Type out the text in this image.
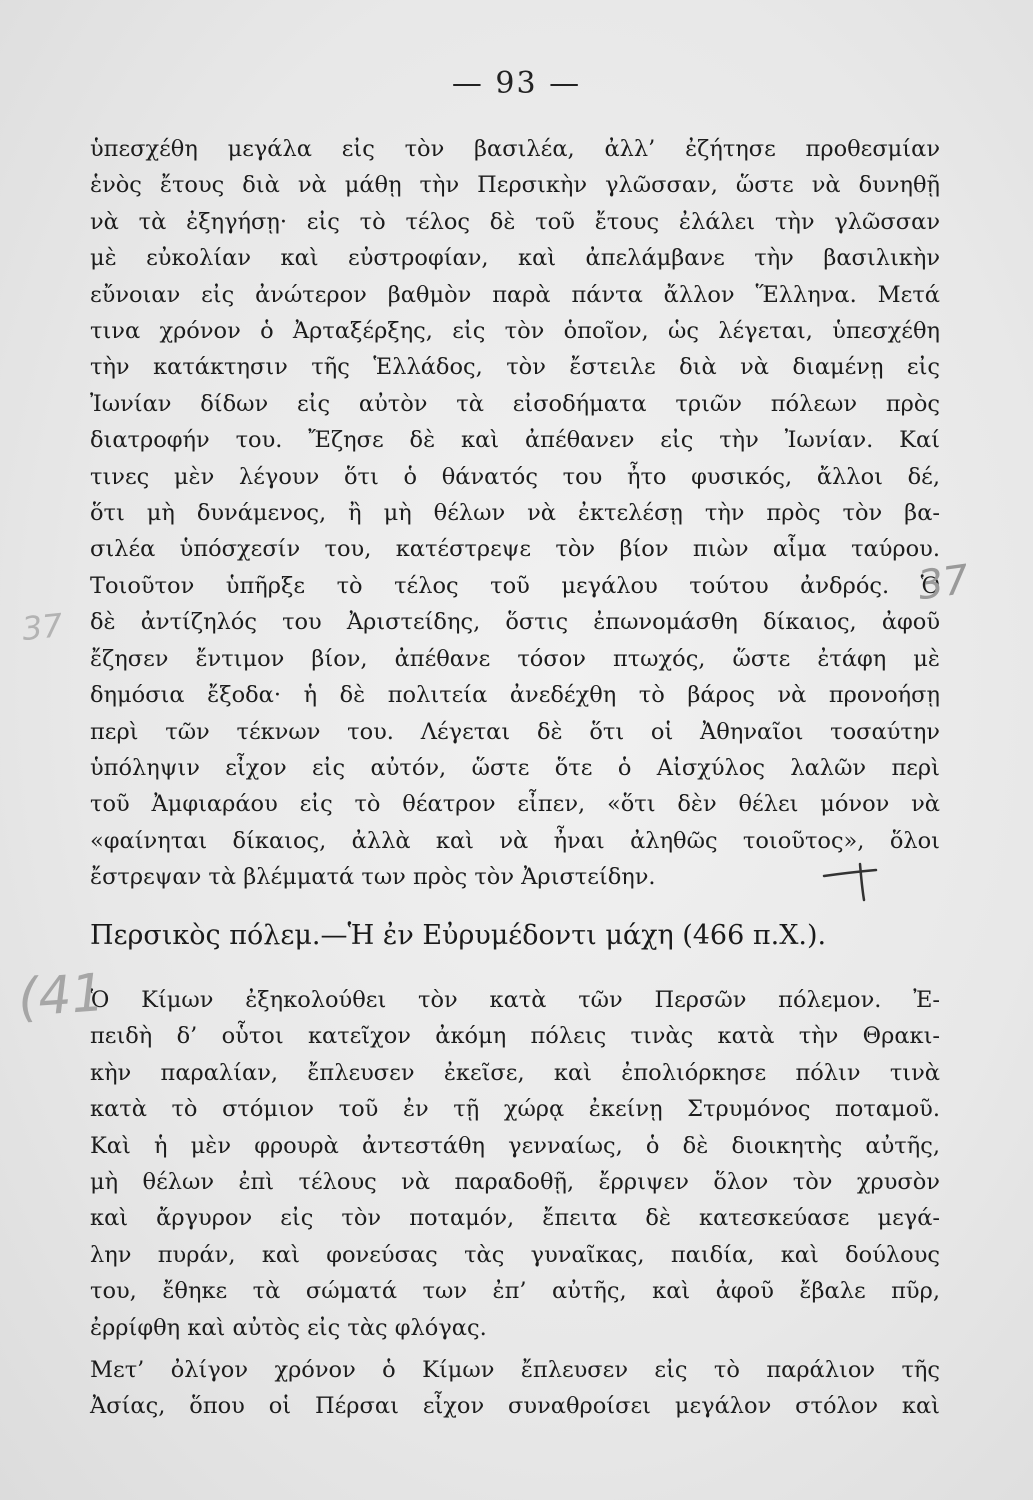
— 93 —
ὑπεσχέθη μεγάλα εἰς τὸν βασιλέα, ἀλλ’ ἐζήτησε προθεσμίαν
ἑνὸς ἔτους διὰ νὰ μάθῃ τὴν Περσικὴν γλῶσσαν, ὥστε νὰ δυνηθῇ
νὰ τὰ ἐξηγήσῃ· εἰς τὸ τέλος δὲ τοῦ ἔτους ἐλάλει τὴν γλῶσσαν
μὲ εὐκολίαν καὶ εὐστροφίαν, καὶ ἀπελάμβανε τὴν βασιλικὴν
εὔνοιαν εἰς ἀνώτερον βαθμὸν παρὰ πάντα ἄλλον Ἕλληνα. Μετά
τινα χρόνον ὁ Ἀρταξέρξης, εἰς τὸν ὁποῖον, ὡς λέγεται, ὑπεσχέθη
τὴν κατάκτησιν τῆς Ἑλλάδος, τὸν ἔστειλε διὰ νὰ διαμένῃ εἰς
Ἰωνίαν δίδων εἰς αὐτὸν τὰ εἰσοδήματα τριῶν πόλεων πρὸς
διατροφήν του. Ἔζησε δὲ καὶ ἀπέθανεν εἰς τὴν Ἰωνίαν. Καί
τινες μὲν λέγουν ὅτι ὁ θάνατός του ἦτο φυσικός, ἄλλοι δέ,
ὅτι μὴ δυνάμενος, ἢ μὴ θέλων νὰ ἐκτελέσῃ τὴν πρὸς τὸν βα-
σιλέα ὑπόσχεσίν του, κατέστρεψε τὸν βίον πιὼν αἷμα ταύρου.
Τοιοῦτον ὑπῆρξε τὸ τέλος τοῦ μεγάλου τούτου ἀνδρός. Ὁ
δὲ ἀντίζηλός του Ἀριστείδης, ὅστις ἐπωνομάσθη δίκαιος, ἀφοῦ
ἔζησεν ἔντιμον βίον, ἀπέθανε τόσον πτωχός, ὥστε ἐτάφη μὲ
δημόσια ἔξοδα· ἡ δὲ πολιτεία ἀνεδέχθη τὸ βάρος νὰ προνοήσῃ
περὶ τῶν τέκνων του. Λέγεται δὲ ὅτι οἱ Ἀθηναῖοι τοσαύτην
ὑπόληψιν εἶχον εἰς αὐτόν, ὥστε ὅτε ὁ Αἰσχύλος λαλῶν περὶ
τοῦ Ἀμφιαράου εἰς τὸ θέατρον εἶπεν, «ὅτι δὲν θέλει μόνον νὰ
«φαίνηται δίκαιος, ἀλλὰ καὶ νὰ ἦναι ἀληθῶς τοιοῦτος», ὅλοι
ἔστρεψαν τὰ βλέμματά των πρὸς τὸν Ἀριστείδην.
Περσικὸς πόλεμ.—Ἡ ἐν Εὐρυμέδοντι μάχη (466 π.Χ.).
Ὁ Κίμων ἐξηκολούθει τὸν κατὰ τῶν Περσῶν πόλεμον. Ἐ-
πειδὴ δ’ οὗτοι κατεῖχον ἀκόμη πόλεις τινὰς κατὰ τὴν Θρακι-
κὴν παραλίαν, ἔπλευσεν ἐκεῖσε, καὶ ἐπολιόρκησε πόλιν τινὰ
κατὰ τὸ στόμιον τοῦ ἐν τῇ χώρᾳ ἐκείνῃ Στρυμόνος ποταμοῦ.
Καὶ ἡ μὲν φρουρὰ ἀντεστάθη γενναίως, ὁ δὲ διοικητὴς αὐτῆς,
μὴ θέλων ἐπὶ τέλους νὰ παραδοθῇ, ἔρριψεν ὅλον τὸν χρυσὸν
καὶ ἄργυρον εἰς τὸν ποταμόν, ἔπειτα δὲ κατεσκεύασε μεγά-
λην πυράν, καὶ φονεύσας τὰς γυναῖκας, παιδία, καὶ δούλους
του, ἔθηκε τὰ σώματά των ἐπ’ αὐτῆς, καὶ ἀφοῦ ἔβαλε πῦρ,
ἐρρίφθη καὶ αὐτὸς εἰς τὰς φλόγας.
Μετ’ ὀλίγον χρόνον ὁ Κίμων ἔπλευσεν εἰς τὸ παράλιον τῆς
Ἀσίας, ὅπου οἱ Πέρσαι εἶχον συναθροίσει μεγάλον στόλον καὶ
37
37
(41
